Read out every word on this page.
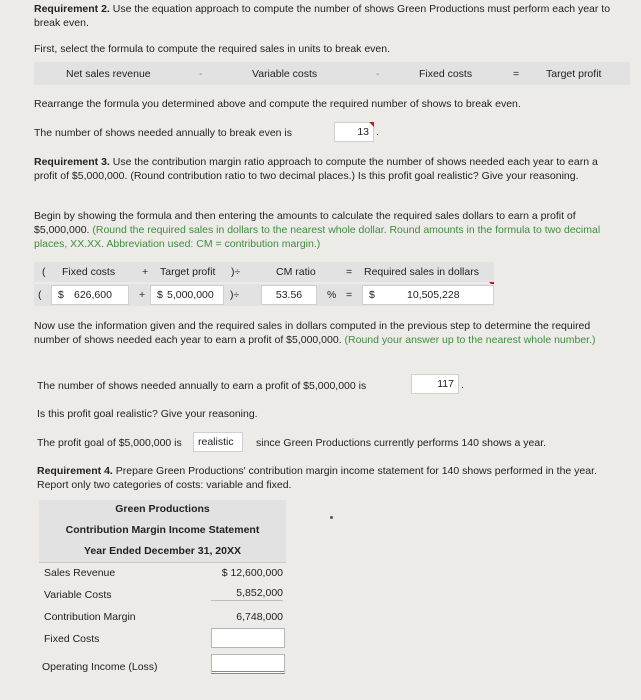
Requirement 2. Use the equation approach to compute the number of shows Green Productions must perform each year to break even.
First, select the formula to compute the required sales in units to break even.
Net sales revenue	-	Variable costs	-	Fixed costs	=	Target profit
Rearrange the formula you determined above and compute the required number of shows to break even.
The number of shows needed annually to break even is	13 .
Requirement 3. Use the contribution margin ratio approach to compute the number of shows needed each year to earn a profit of $5,000,000. (Round contribution ratio to two decimal places.) Is this profit goal realistic? Give your reasoning.
Begin by showing the formula and then entering the amounts to calculate the required sales dollars to earn a profit of $5,000,000. (Round the required sales in dollars to the nearest whole dollar. Round amounts in the formula to two decimal places, XX.XX. Abbreviation used: CM = contribution margin.)
( Fixed costs	+ Target profit )÷	CM ratio	= Required sales in dollars
(	$ 626,600	+	$ 5,000,000 )÷	53.56	% =	$	10,505,228
Now use the information given and the required sales in dollars computed in the previous step to determine the required number of shows needed each year to earn a profit of $5,000,000. (Round your answer up to the nearest whole number.)
The number of shows needed annually to earn a profit of $5,000,000 is	117 .
Is this profit goal realistic? Give your reasoning.
The profit goal of $5,000,000 is	realistic	since Green Productions currently performs 140 shows a year.
Requirement 4. Prepare Green Productions' contribution margin income statement for 140 shows performed in the year. Report only two categories of costs: variable and fixed.
Green Productions
Contribution Margin Income Statement
Year Ended December 31, 20XX
Sales Revenue	$ 12,600,000
Variable Costs	5,852,000
Contribution Margin	6,748,000
Fixed Costs
Operating Income (Loss)
